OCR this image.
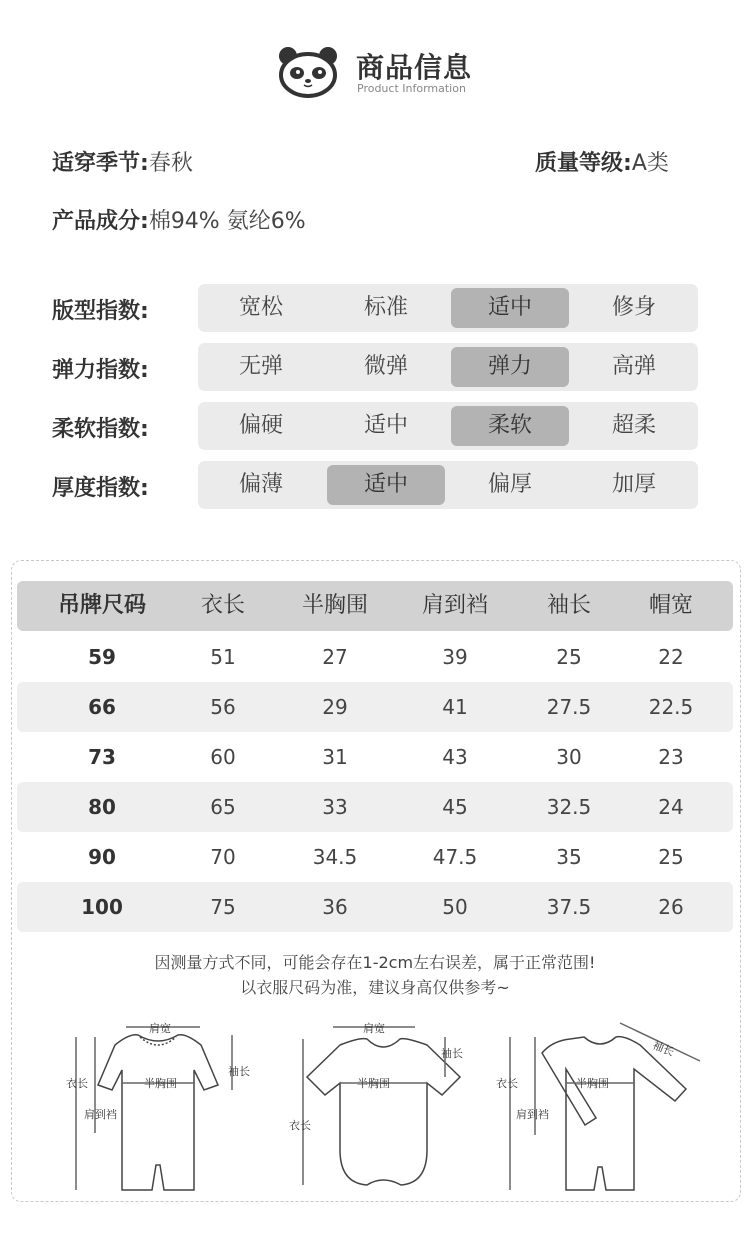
商品信息
Product Information
适穿季节:春秋	质量等级:A类
产品成分:棉94% 氨纶6%
版型指数:	宽松	标准	适中	修身
弹力指数:	无弹	微弹	弹力	高弹
柔软指数:	偏硬	适中	柔软	超柔
厚度指数:	偏薄	适中	偏厚	加厚
吊牌尺码	衣长	半胸围	肩到裆	袖长	帽宽
59	51	27	39	25	22
66	56	29	41	27.5	22.5
73	60	31	43	30	23
80	65	33	45	32.5	24
90	70	34.5	47.5	35	25
100	75	36	50	37.5	26
因测量方式不同，可能会存在1-2cm左右误差，属于正常范围!
以衣服尺码为准，建议身高仅供参考~
肩宽
袖长
衣长	半胸围
肩到裆
肩宽
袖长
衣长
半胸围	衣长	半胸围
肩到裆
袖长
